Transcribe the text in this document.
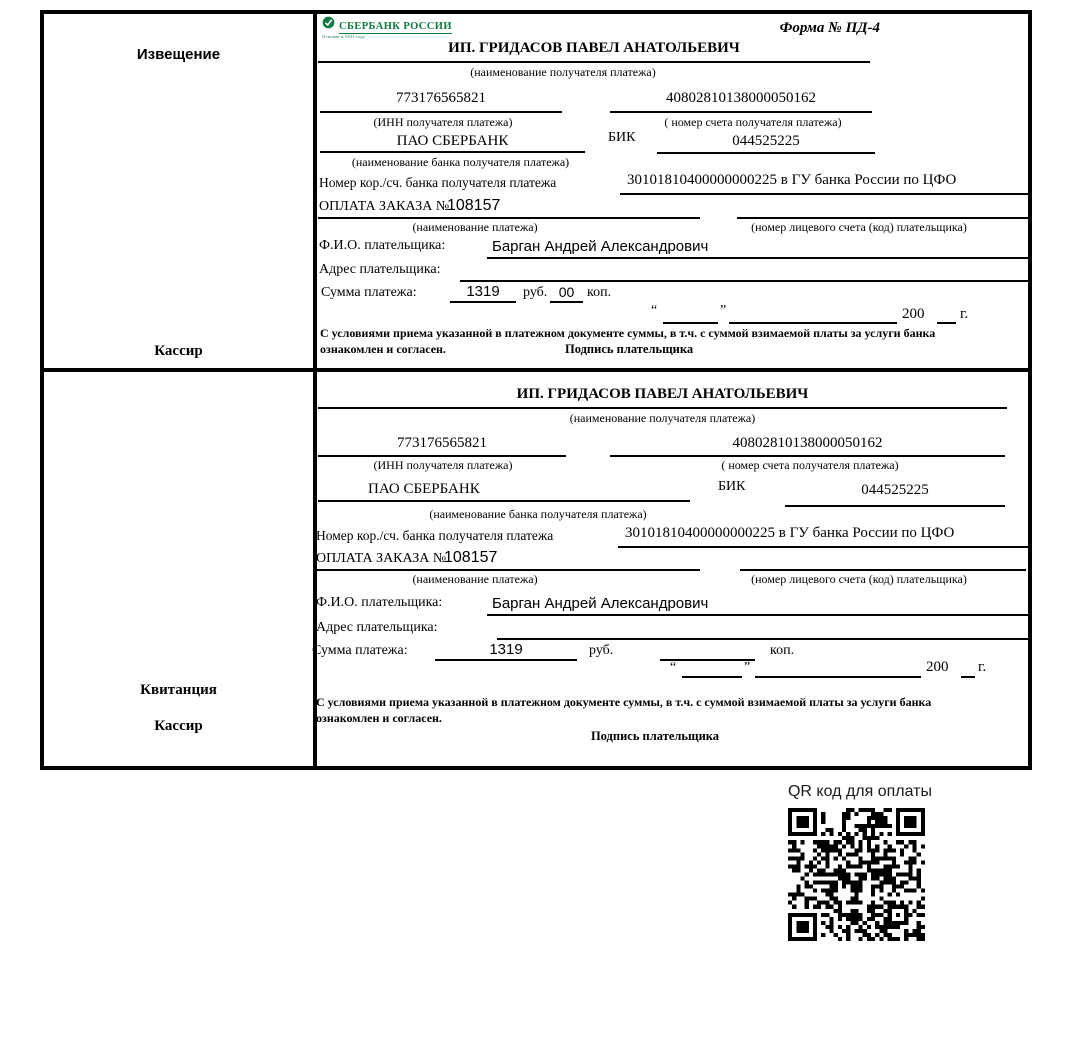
Извещение
Кассир
СБЕРБАНК РОССИИ
Основан в 1841 году
Форма № ПД-4
ИП. ГРИДАСОВ ПАВЕЛ АНАТОЛЬЕВИЧ
(наименование получателя платежа)
773176565821	40802810138000050162
(ИНН получателя платежа)	( номер счета получателя платежа)
ПАО СБЕРБАНК	БИК	044525225
(наименование банка получателя платежа)
Номер кор./сч. банка получателя платежа	30101810400000000225 в ГУ банка России по ЦФО
ОПЛАТА ЗАКАЗА №
108157
(наименование платежа)	(номер лицевого счета (код) плательщика)
Ф.И.О. плательщика:	Барган Андрей Александрович
Адрес плательщика:
Сумма платежа:	1319	руб. 00 коп.
“	”	200 г.
С условиями приема указанной в платежном документе суммы, в т.ч. с суммой взимаемой платы за услуги банка
ознакомлен и согласен.	Подпись плательщика
Квитанция
Кассир
ИП. ГРИДАСОВ ПАВЕЛ АНАТОЛЬЕВИЧ
(наименование получателя платежа)
773176565821	40802810138000050162
(ИНН получателя платежа)	( номер счета получателя платежа)
ПАО СБЕРБАНК	БИК	044525225
(наименование банка получателя платежа)
Номер кор./сч. банка получателя платежа	30101810400000000225 в ГУ банка России по ЦФО
ОПЛАТА ЗАКАЗА №
108157
(наименование платежа)	(номер лицевого счета (код) плательщика)
Ф.И.О. плательщика:	Барган Андрей Александрович
Адрес плательщика:
Сумма платежа:	1319	руб.	коп.
“	”	200 г.
С условиями приема указанной в платежном документе суммы, в т.ч. с суммой взимаемой платы за услуги банка
ознакомлен и согласен.
Подпись плательщика
QR код для оплаты
